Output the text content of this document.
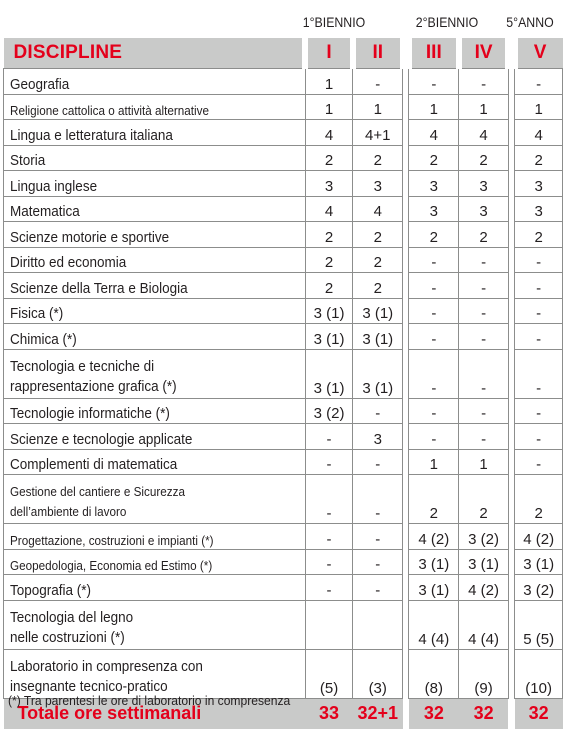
1°BIENNIO	2°BIENNIO	5°ANNO
DISCIPLINE	I	II		III	IV		V
Geografia	1	-		-	-		-
Religione cattolica o attività alternative	1	1		1	1		1
Lingua e letteratura italiana	4	4+1		4	4		4
Storia	2	2		2	2		2
Lingua inglese	3	3		3	3		3
Matematica	4	4		3	3		3
Scienze motorie e sportive	2	2		2	2		2
Diritto ed economia	2	2		-	-		-
Scienze della Terra e Biologia	2	2		-	-		-
Fisica (*)	3 (1)	3 (1)		-	-		-
Chimica (*)	3 (1)	3 (1)		-	-		-
Tecnologia e tecniche di
rappresentazione grafica (*)	3 (1)	3 (1)		-	-		-
Tecnologie informatiche (*)	3 (2)	-		-	-		-
Scienze e tecnologie applicate	-	3		-	-		-
Complementi di matematica	-	-		1	1		-
Gestione del cantiere e Sicurezza
dell’ambiente di lavoro	-	-		2	2		2
Progettazione, costruzioni e impianti (*)	-	-		4 (2)	3 (2)		4 (2)
Geopedologia, Economia ed Estimo (*)	-	-		3 (1)	3 (1)		3 (1)
Topografia (*)	-	-		3 (1)	4 (2)		3 (2)
Tecnologia del legno
nelle costruzioni (*)				4 (4)	4 (4)		5 (5)
Laboratorio in compresenza con
insegnante tecnico-pratico	(5)	(3)		(8)	(9)		(10)
Totale ore settimanali	33	32+1		32	32		32
(*) Tra parentesi le ore di laboratorio in compresenza
